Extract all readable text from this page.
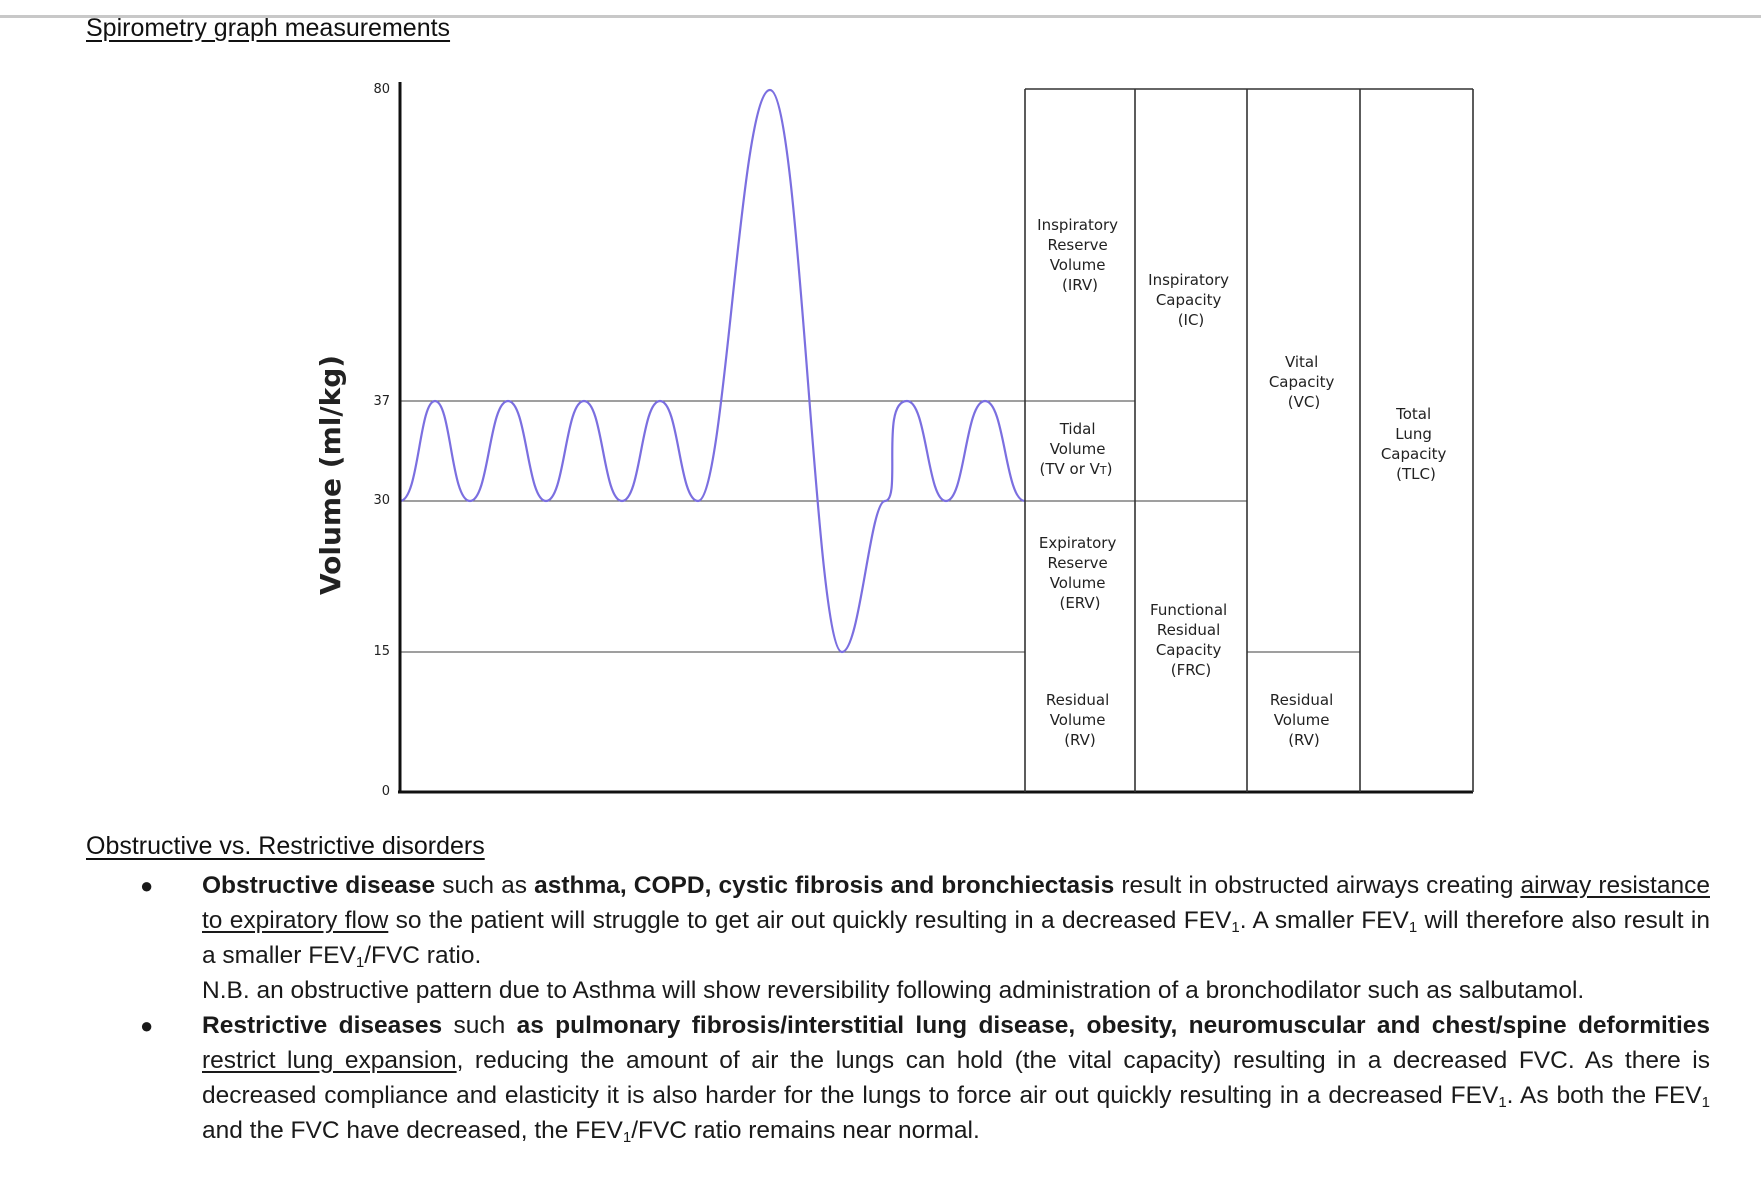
Spirometry graph measurements
Volume (ml/kg)
80
37
30
15
0
Inspiratory Reserve Volume (IRV)
Tidal Volume (TV or VT)
Expiratory Reserve Volume (ERV)
Residual Volume (RV)
Inspiratory Capacity (IC)
Functional Residual Capacity (FRC)
Vital Capacity (VC)
Residual Volume (RV)
Total Lung Capacity (TLC)
Obstructive vs. Restrictive disorders
● Obstructive disease such as asthma, COPD, cystic fibrosis and bronchiectasis result in obstructed airways creating airway resistance to expiratory flow so the patient will struggle to get air out quickly resulting in a decreased $FEV_1$. A smaller $FEV_1$ will therefore also result in a smaller $FEV_1$/FVC ratio.

N.B. an obstructive pattern due to Asthma will show reversibility following administration of a bronchodilator such as salbutamol.

● Restrictive diseases such as pulmonary fibrosis/interstitial lung disease, obesity, neuromuscular and chest/spine deformities restrict lung expansion, reducing the amount of air the lungs can hold (the vital capacity) resulting in a decreased FVC. As there is decreased compliance and elasticity it is also harder for the lungs to force air out quickly resulting in a decreased $FEV_1$. As both the $FEV_1$ and the FVC have decreased, the $FEV_1$/FVC ratio remains near normal.
